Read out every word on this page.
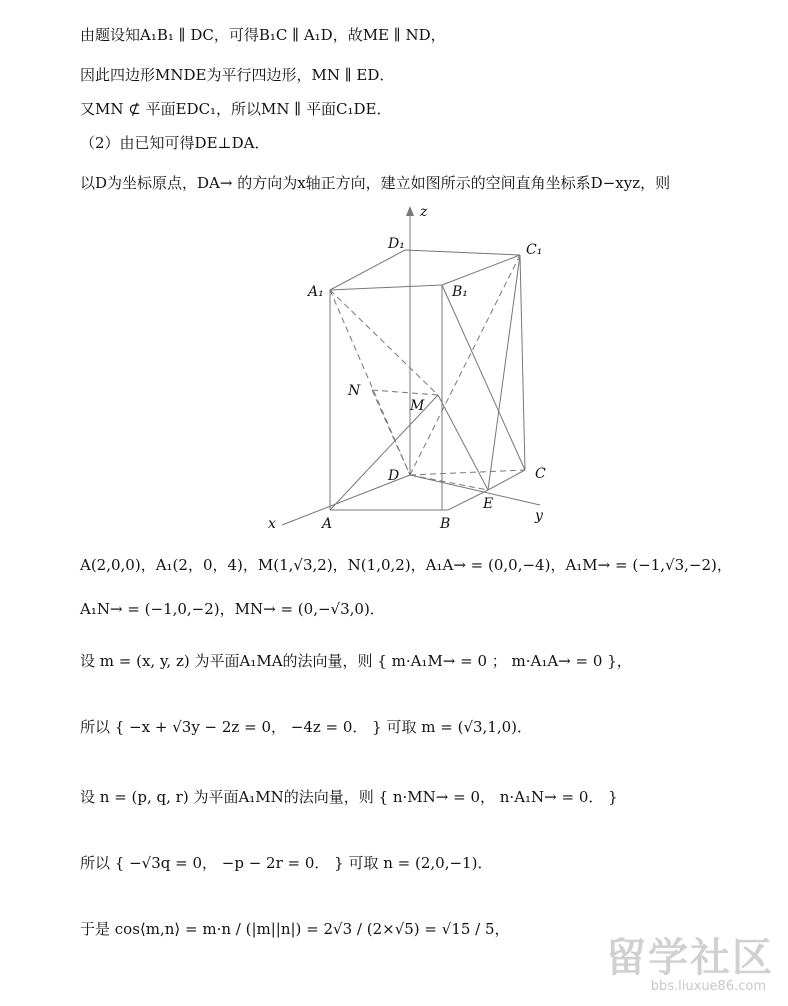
由题设知A₁B₁ ∥ DC，可得B₁C ∥ A₁D，故ME ∥ ND，
因此四边形MNDE为平行四边形，MN ∥ ED．
又MN ⊄ 平面EDC₁，所以MN ∥ 平面C₁DE．
（2）由已知可得DE⊥DA．
以D为坐标原点，DA→ 的方向为x轴正方向，建立如图所示的空间直角坐标系D−xyz，则
z
x	y
D₁	C₁
A₁	B₁
N
M
D	C
E
A	B
A(2,0,0)，A₁(2，0，4)，M(1,√3,2)，N(1,0,2)，A₁A→ = (0,0,−4)，A₁M→ = (−1,√3,−2)，
A₁N→ = (−1,0,−2)，MN→ = (0,−√3,0)．
设 m = (x, y, z) 为平面A₁MA的法向量，则 { m·A₁M→ = 0 ； m·A₁A→ = 0 }，
所以 { −x + √3y − 2z = 0， −4z = 0． } 可取 m = (√3,1,0)．
设 n = (p, q, r) 为平面A₁MN的法向量，则 { n·MN→ = 0， n·A₁N→ = 0． }
所以 { −√3q = 0， −p − 2r = 0． } 可取 n = (2,0,−1)．
于是 cos⟨m,n⟩ = m·n / (|m||n|) = 2√3 / (2×√5) = √15 / 5，
留学社区
bbs.liuxue86.com
